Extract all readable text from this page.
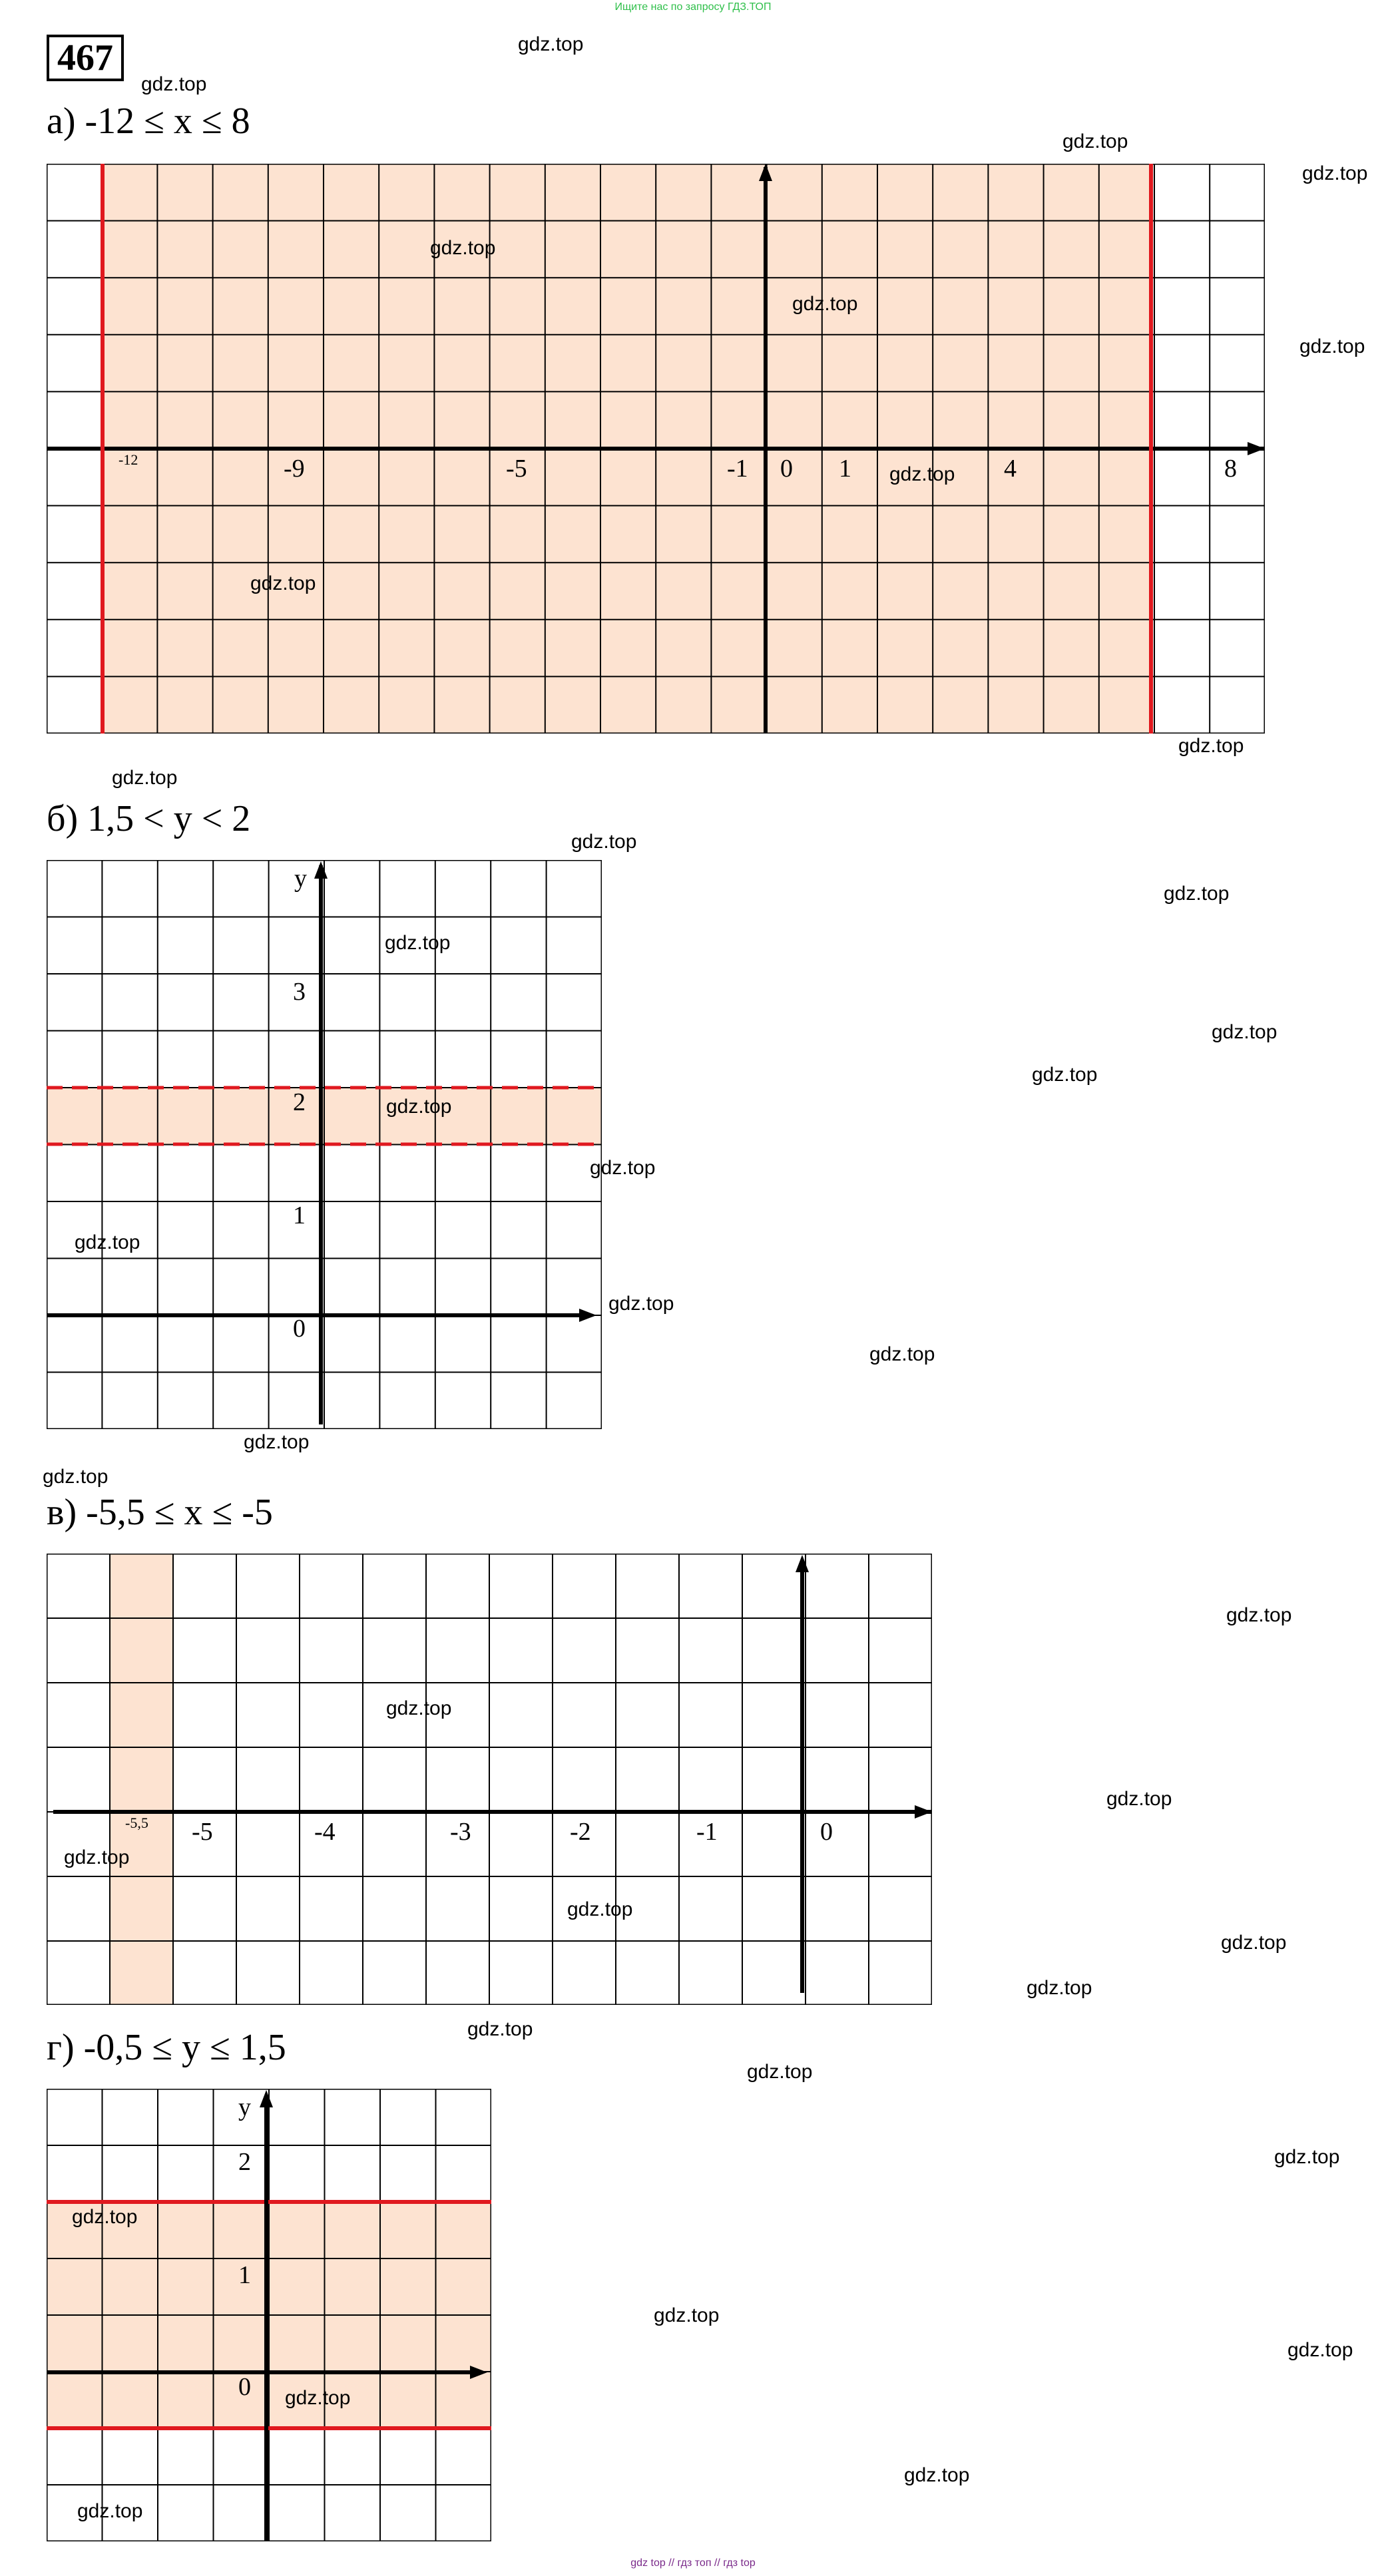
Ищите нас по запросу ГДЗ.ТОП
467
а) -12 ≤ x ≤ 8
-12	-9	-5	-1 0 1	4	8
б) 1,5 < y < 2
y
3
2
1
0
в) -5,5 ≤ x ≤ -5
-5,5 -5	-4	-3	-2	-1	0
г) -0,5 ≤ y ≤ 1,5
y
2
1
0
gdz.top
gdz.top
gdz.top
gdz.top
gdz.top
gdz.top
gdz.top
gdz.top
gdz.top
gdz.top
gdz.top
gdz.top
gdz.top
gdz.top
gdz.top
gdz.top
gdz.top
gdz.top
gdz.top
gdz.top
gdz.top
gdz.top
gdz.top
gdz.top
gdz.top
gdz.top
gdz.top
gdz.top
gdz.top
gdz.top
gdz.top
gdz.top
gdz.top
gdz.top
gdz.top
gdz.top
gdz.top
gdz.top
gdz.top
gdz top // гдз топ // гдз top
